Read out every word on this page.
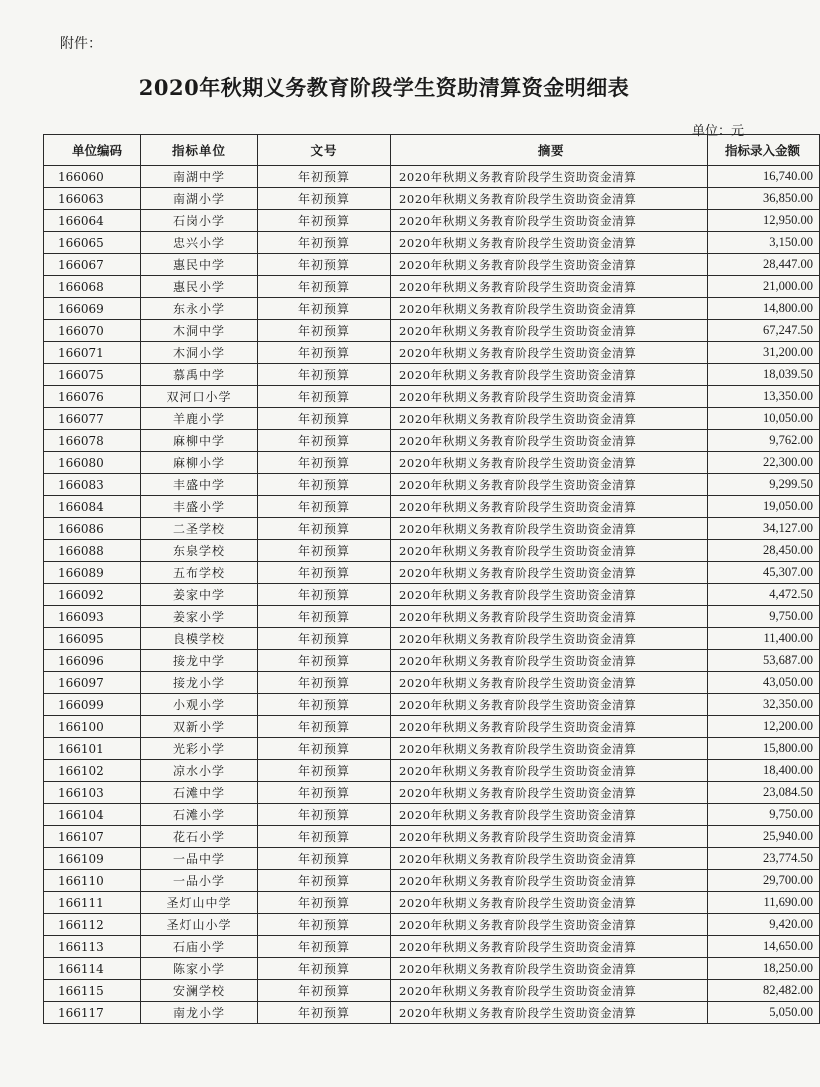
附件：
2020年秋期义务教育阶段学生资助清算资金明细表
单位：元
单位编码	指标单位	文号	摘要	指标录入金额
166060	南湖中学	年初预算	2020年秋期义务教育阶段学生资助资金清算	16,740.00
166063	南湖小学	年初预算	2020年秋期义务教育阶段学生资助资金清算	36,850.00
166064	石岗小学	年初预算	2020年秋期义务教育阶段学生资助资金清算	12,950.00
166065	忠兴小学	年初预算	2020年秋期义务教育阶段学生资助资金清算	3,150.00
166067	惠民中学	年初预算	2020年秋期义务教育阶段学生资助资金清算	28,447.00
166068	惠民小学	年初预算	2020年秋期义务教育阶段学生资助资金清算	21,000.00
166069	东永小学	年初预算	2020年秋期义务教育阶段学生资助资金清算	14,800.00
166070	木洞中学	年初预算	2020年秋期义务教育阶段学生资助资金清算	67,247.50
166071	木洞小学	年初预算	2020年秋期义务教育阶段学生资助资金清算	31,200.00
166075	慕禹中学	年初预算	2020年秋期义务教育阶段学生资助资金清算	18,039.50
166076	双河口小学	年初预算	2020年秋期义务教育阶段学生资助资金清算	13,350.00
166077	羊鹿小学	年初预算	2020年秋期义务教育阶段学生资助资金清算	10,050.00
166078	麻柳中学	年初预算	2020年秋期义务教育阶段学生资助资金清算	9,762.00
166080	麻柳小学	年初预算	2020年秋期义务教育阶段学生资助资金清算	22,300.00
166083	丰盛中学	年初预算	2020年秋期义务教育阶段学生资助资金清算	9,299.50
166084	丰盛小学	年初预算	2020年秋期义务教育阶段学生资助资金清算	19,050.00
166086	二圣学校	年初预算	2020年秋期义务教育阶段学生资助资金清算	34,127.00
166088	东泉学校	年初预算	2020年秋期义务教育阶段学生资助资金清算	28,450.00
166089	五布学校	年初预算	2020年秋期义务教育阶段学生资助资金清算	45,307.00
166092	姜家中学	年初预算	2020年秋期义务教育阶段学生资助资金清算	4,472.50
166093	姜家小学	年初预算	2020年秋期义务教育阶段学生资助资金清算	9,750.00
166095	良模学校	年初预算	2020年秋期义务教育阶段学生资助资金清算	11,400.00
166096	接龙中学	年初预算	2020年秋期义务教育阶段学生资助资金清算	53,687.00
166097	接龙小学	年初预算	2020年秋期义务教育阶段学生资助资金清算	43,050.00
166099	小观小学	年初预算	2020年秋期义务教育阶段学生资助资金清算	32,350.00
166100	双新小学	年初预算	2020年秋期义务教育阶段学生资助资金清算	12,200.00
166101	光彩小学	年初预算	2020年秋期义务教育阶段学生资助资金清算	15,800.00
166102	凉水小学	年初预算	2020年秋期义务教育阶段学生资助资金清算	18,400.00
166103	石滩中学	年初预算	2020年秋期义务教育阶段学生资助资金清算	23,084.50
166104	石滩小学	年初预算	2020年秋期义务教育阶段学生资助资金清算	9,750.00
166107	花石小学	年初预算	2020年秋期义务教育阶段学生资助资金清算	25,940.00
166109	一品中学	年初预算	2020年秋期义务教育阶段学生资助资金清算	23,774.50
166110	一品小学	年初预算	2020年秋期义务教育阶段学生资助资金清算	29,700.00
166111	圣灯山中学	年初预算	2020年秋期义务教育阶段学生资助资金清算	11,690.00
166112	圣灯山小学	年初预算	2020年秋期义务教育阶段学生资助资金清算	9,420.00
166113	石庙小学	年初预算	2020年秋期义务教育阶段学生资助资金清算	14,650.00
166114	陈家小学	年初预算	2020年秋期义务教育阶段学生资助资金清算	18,250.00
166115	安澜学校	年初预算	2020年秋期义务教育阶段学生资助资金清算	82,482.00
166117	南龙小学	年初预算	2020年秋期义务教育阶段学生资助资金清算	5,050.00
